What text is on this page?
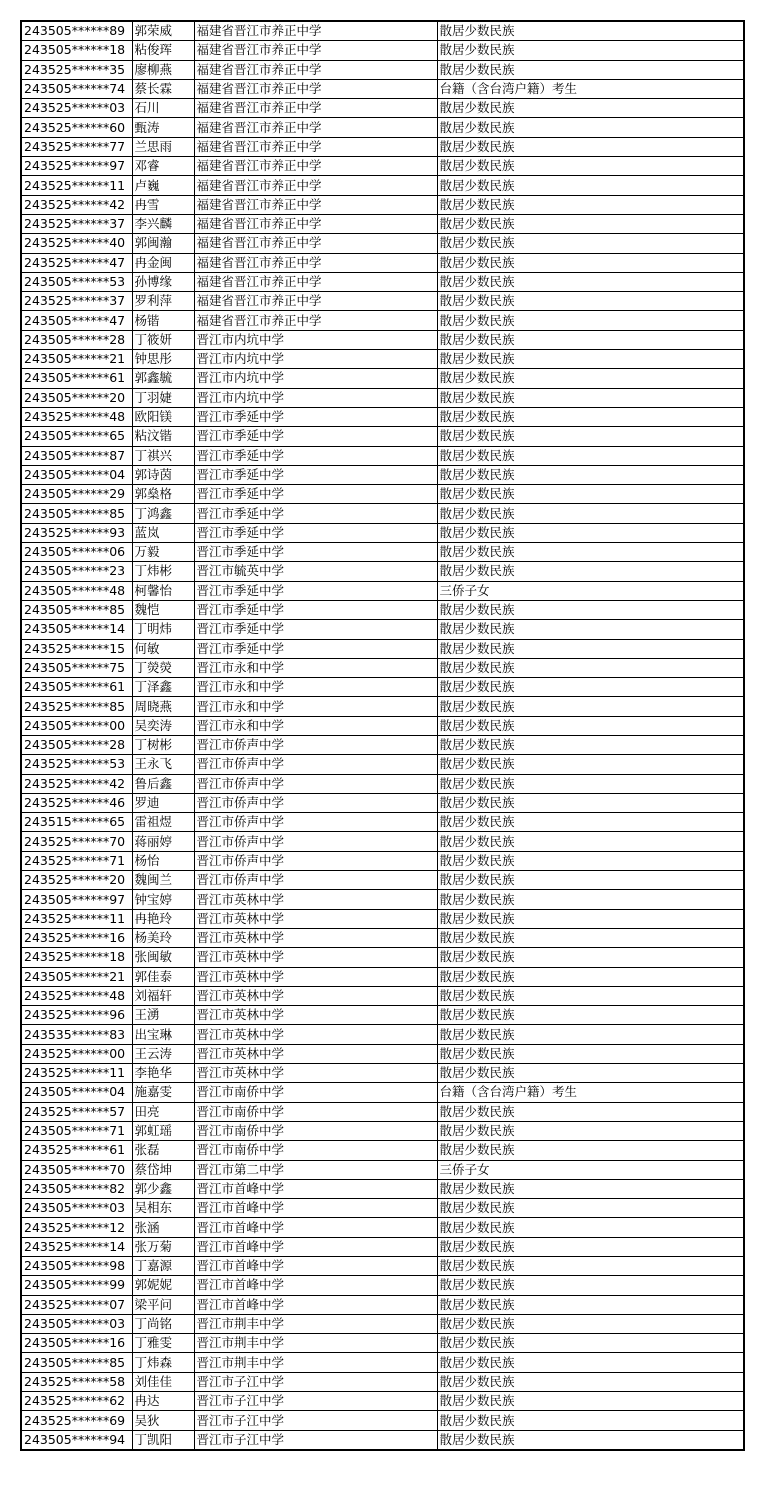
243505******89	郭荣威	福建省晋江市养正中学	散居少数民族
243505******18	粘俊珲	福建省晋江市养正中学	散居少数民族
243525******35	廖柳燕	福建省晋江市养正中学	散居少数民族
243505******74	蔡长霖	福建省晋江市养正中学	台籍（含台湾户籍）考生
243525******03	石川	福建省晋江市养正中学	散居少数民族
243525******60	甄涛	福建省晋江市养正中学	散居少数民族
243525******77	兰思雨	福建省晋江市养正中学	散居少数民族
243525******97	邓睿	福建省晋江市养正中学	散居少数民族
243525******11	卢巍	福建省晋江市养正中学	散居少数民族
243525******42	冉雪	福建省晋江市养正中学	散居少数民族
243525******37	李兴麟	福建省晋江市养正中学	散居少数民族
243525******40	郭闽瀚	福建省晋江市养正中学	散居少数民族
243525******47	冉金闽	福建省晋江市养正中学	散居少数民族
243505******53	孙博缘	福建省晋江市养正中学	散居少数民族
243525******37	罗利萍	福建省晋江市养正中学	散居少数民族
243505******47	杨锴	福建省晋江市养正中学	散居少数民族
243505******28	丁筱妍	晋江市内坑中学	散居少数民族
243505******21	钟思彤	晋江市内坑中学	散居少数民族
243505******61	郭鑫毓	晋江市内坑中学	散居少数民族
243505******20	丁羽婕	晋江市内坑中学	散居少数民族
243525******48	欧阳镁	晋江市季延中学	散居少数民族
243505******65	粘汶锴	晋江市季延中学	散居少数民族
243505******87	丁祺兴	晋江市季延中学	散居少数民族
243505******04	郭诗茵	晋江市季延中学	散居少数民族
243505******29	郭燊格	晋江市季延中学	散居少数民族
243505******85	丁鸿鑫	晋江市季延中学	散居少数民族
243525******93	蓝岚	晋江市季延中学	散居少数民族
243505******06	万毅	晋江市季延中学	散居少数民族
243505******23	丁炜彬	晋江市毓英中学	散居少数民族
243505******48	柯馨怡	晋江市季延中学	三侨子女
243505******85	魏恺	晋江市季延中学	散居少数民族
243505******14	丁明炜	晋江市季延中学	散居少数民族
243525******15	何敏	晋江市季延中学	散居少数民族
243505******75	丁熒熒	晋江市永和中学	散居少数民族
243505******61	丁泽鑫	晋江市永和中学	散居少数民族
243525******85	周晓燕	晋江市永和中学	散居少数民族
243505******00	吴奕涛	晋江市永和中学	散居少数民族
243505******28	丁树彬	晋江市侨声中学	散居少数民族
243525******53	王永飞	晋江市侨声中学	散居少数民族
243525******42	鲁后鑫	晋江市侨声中学	散居少数民族
243525******46	罗迪	晋江市侨声中学	散居少数民族
243515******65	雷祖煜	晋江市侨声中学	散居少数民族
243525******70	蒋丽婷	晋江市侨声中学	散居少数民族
243525******71	杨怡	晋江市侨声中学	散居少数民族
243525******20	魏闽兰	晋江市侨声中学	散居少数民族
243505******97	钟宝婷	晋江市英林中学	散居少数民族
243525******11	冉艳玲	晋江市英林中学	散居少数民族
243525******16	杨美玲	晋江市英林中学	散居少数民族
243525******18	张闽敏	晋江市英林中学	散居少数民族
243505******21	郭佳泰	晋江市英林中学	散居少数民族
243525******48	刘福轩	晋江市英林中学	散居少数民族
243525******96	王湧	晋江市英林中学	散居少数民族
243535******83	出宝琳	晋江市英林中学	散居少数民族
243525******00	王云涛	晋江市英林中学	散居少数民族
243525******11	李艳华	晋江市英林中学	散居少数民族
243505******04	施嘉雯	晋江市南侨中学	台籍（含台湾户籍）考生
243525******57	田亮	晋江市南侨中学	散居少数民族
243505******71	郭虹瑶	晋江市南侨中学	散居少数民族
243525******61	张磊	晋江市南侨中学	散居少数民族
243505******70	蔡岱坤	晋江市第二中学	三侨子女
243505******82	郭少鑫	晋江市首峰中学	散居少数民族
243505******03	吴相东	晋江市首峰中学	散居少数民族
243525******12	张涵	晋江市首峰中学	散居少数民族
243525******14	张万菊	晋江市首峰中学	散居少数民族
243505******98	丁嘉源	晋江市首峰中学	散居少数民族
243505******99	郭妮妮	晋江市首峰中学	散居少数民族
243525******07	梁平问	晋江市首峰中学	散居少数民族
243505******03	丁尚铭	晋江市荆丰中学	散居少数民族
243505******16	丁雅雯	晋江市荆丰中学	散居少数民族
243505******85	丁炜森	晋江市荆丰中学	散居少数民族
243525******58	刘佳佳	晋江市子江中学	散居少数民族
243525******62	冉达	晋江市子江中学	散居少数民族
243525******69	吴狄	晋江市子江中学	散居少数民族
243505******94	丁凯阳	晋江市子江中学	散居少数民族
